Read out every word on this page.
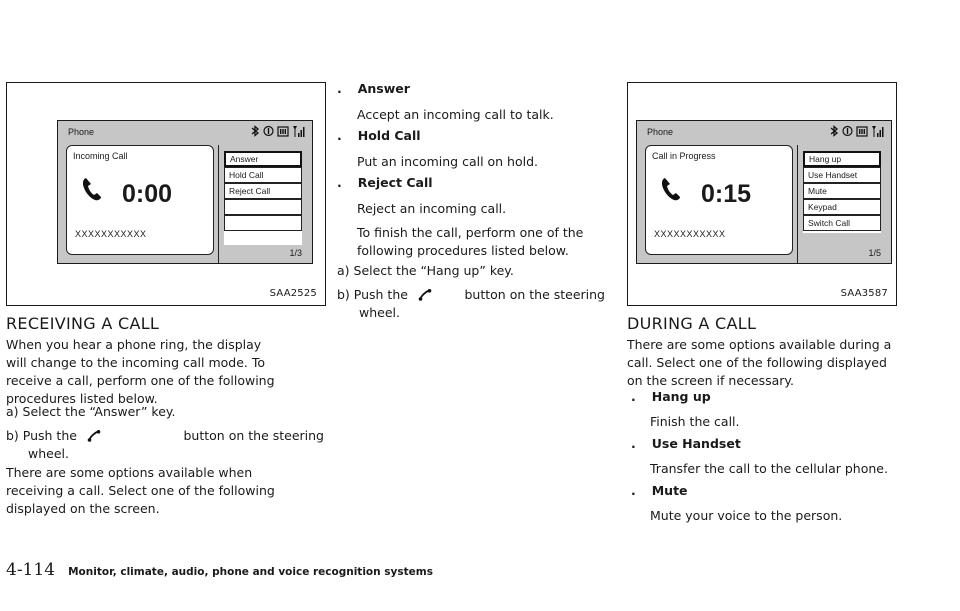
Phone
Incoming Call
0:00
XXXXXXXXXXX
Answer
Hold Call
Reject Call
1/3
SAA2525
RECEIVING A CALL

When you hear a phone ring, the display
will change to the incoming call mode. To
receive a call, perform one of the following
procedures listed below.

a) Select the “Answer” key.

b) Push the	button on the steering

wheel.

There are some options available when
receiving a call. Select one of the following
displayed on the screen.

. Answer

Accept an incoming call to talk.

. Hold Call

Put an incoming call on hold.

. Reject Call

Reject an incoming call.

To finish the call, perform one of the
following procedures listed below.

a) Select the “Hang up” key.

b) Push the	button on the steering

wheel.

Phone
Call in Progress
0:15
XXXXXXXXXXX
Hang up
Use Handset
Mute
Keypad
Switch Call
1/5
SAA3587
DURING A CALL

There are some options available during a
call. Select one of the following displayed
on the screen if necessary.

. Hang up

Finish the call.

. Use Handset

Transfer the call to the cellular phone.

. Mute

Mute your voice to the person.

4-114 Monitor, climate, audio, phone and voice recognition systems
